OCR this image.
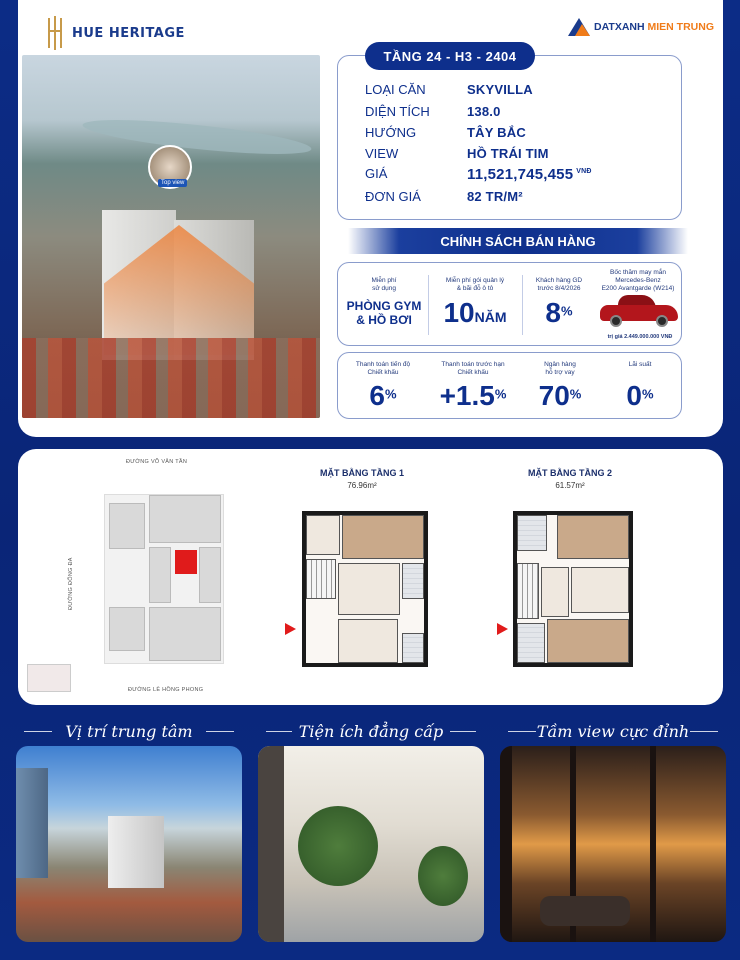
HUE HERITAGE	DATXANH MIEN TRUNG
Top view
TẦNG 24 - H3 - 2404
LOẠI CĂN	SKYVILLA
DIỆN TÍCH	138.0
HƯỚNG	TÂY BẮC
VIEW	HỒ TRÁI TIM
GIÁ	11,521,745,455 $^{VNĐ}$
ĐƠN GIÁ	82 TR/M²
CHÍNH SÁCH BÁN HÀNG
Miễn phí
sử dụng
PHÒNG GYM
& HỒ BƠI
Miễn phí gói quản lý
& bãi đỗ ô tô
10NĂM
Khách hàng GD
trước 8/4/2026
8%
Bốc thăm may mắn
Mercedes-Benz
E200 Avantgarde (W214)
trị giá 2.449.000.000 VNĐ
Thanh toán tiến độ
Chiết khấu
6%
Thanh toán trước hạn
Chiết khấu
+1.5%
Ngân hàng
hỗ trợ vay
70%
Lãi suất
0%
ĐƯỜNG VÕ VĂN TẦN
ĐƯỜNG ĐỐNG ĐA
ĐƯỜNG LÊ HỒNG PHONG
MẶT BẰNG TẦNG 1
76.96m²
MẶT BẰNG TẦNG 2
61.57m²
Vị trí trung tâm	Tiện ích đẳng cấp	Tầm view cực đỉnh
